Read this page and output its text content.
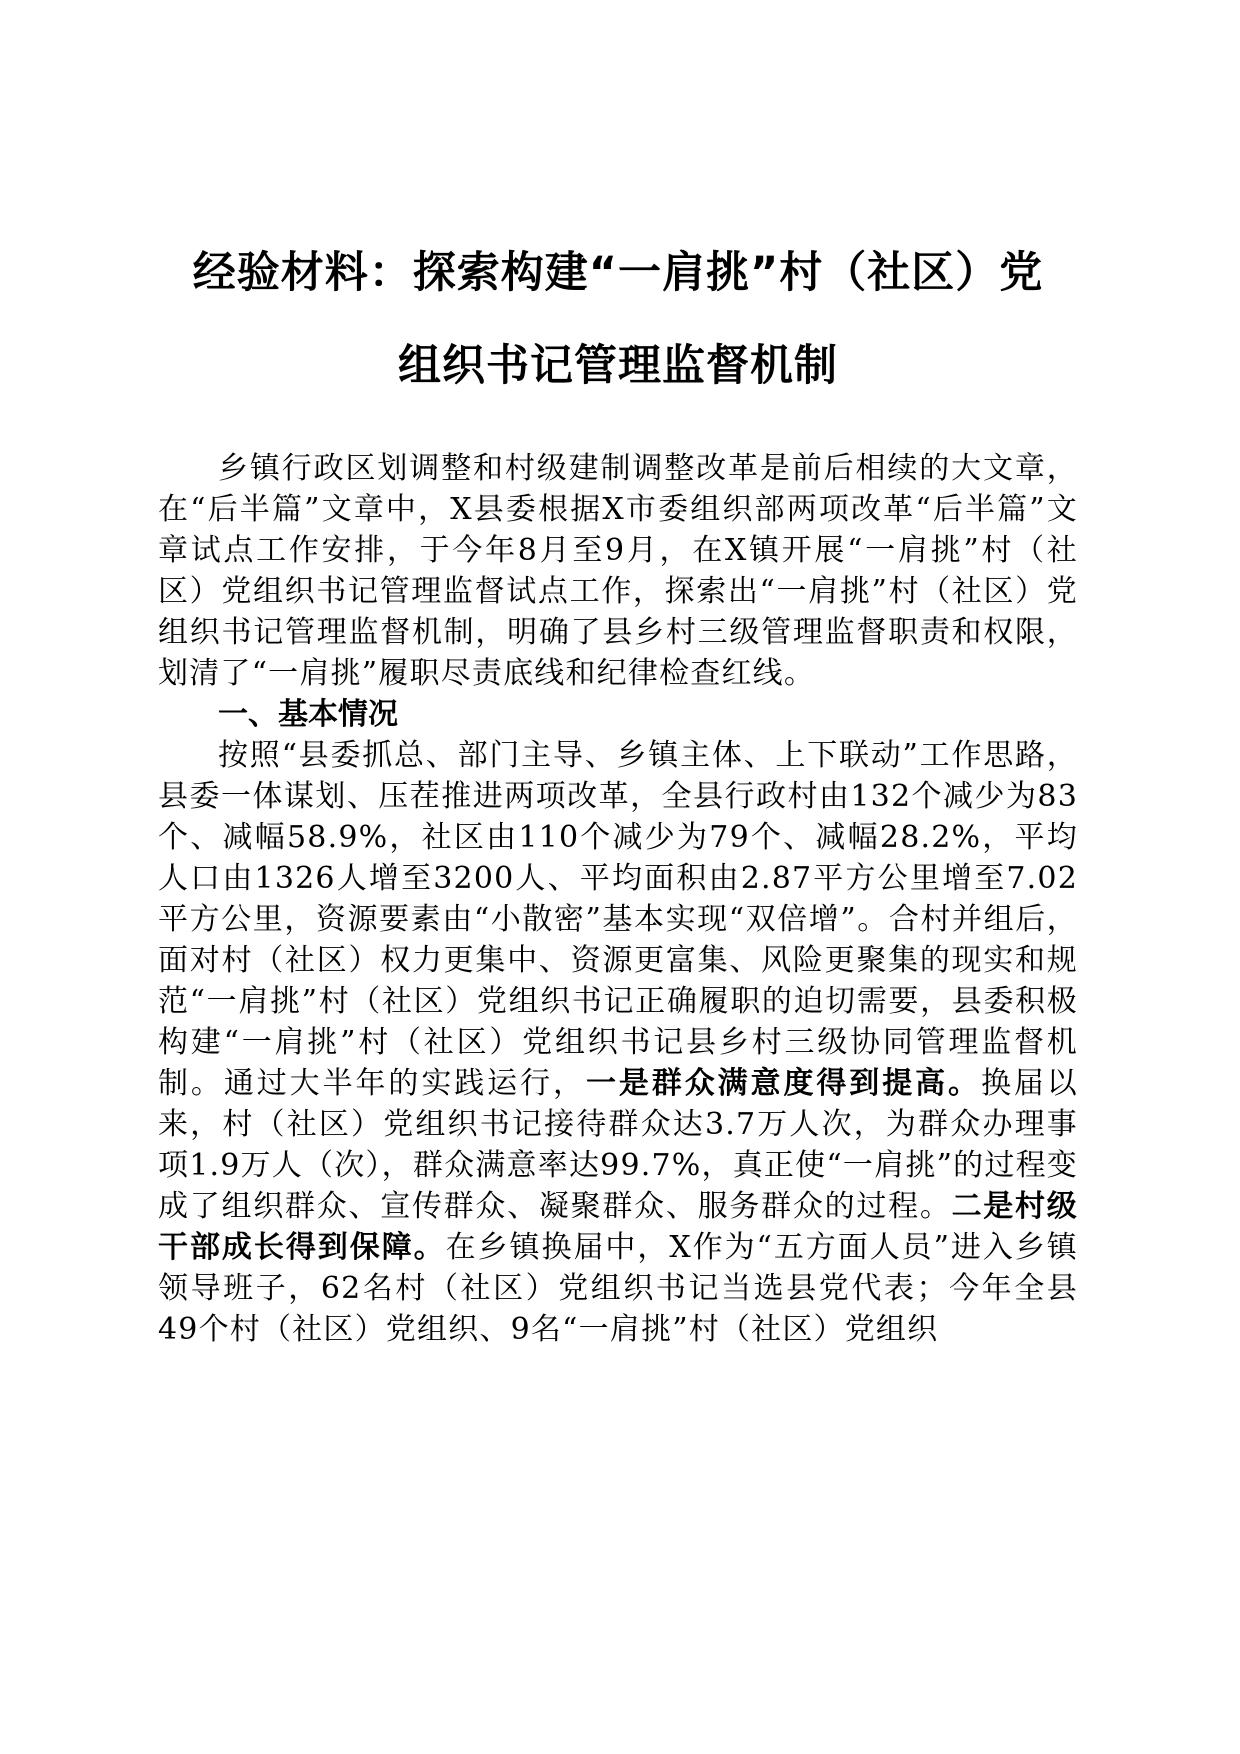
经验材料：探索构建“一肩挑”村（社区）党
组织书记管理监督机制

乡镇行政区划调整和村级建制调整改革是前后相续的大文章，在“后半篇”文章中，X县委根据X市委组织部两项改革“后半篇”文章试点工作安排，于今年8月至9月，在X镇开展“一肩挑”村（社区）党组织书记管理监督试点工作，探索出“一肩挑”村（社区）党组织书记管理监督机制，明确了县乡村三级管理监督职责和权限，划清了“一肩挑”履职尽责底线和纪律检查红线。

一、基本情况

按照“县委抓总、部门主导、乡镇主体、上下联动”工作思路，县委一体谋划、压茬推进两项改革，全县行政村由132个减少为83个、减幅58.9%，社区由110个减少为79个、减幅28.2%，平均人口由1326人增至3200人、平均面积由2.87平方公里增至7.02平方公里，资源要素由“小散密”基本实现“双倍增”。合村并组后，面对村（社区）权力更集中、资源更富集、风险更聚集的现实和规范“一肩挑”村（社区）党组织书记正确履职的迫切需要，县委积极构建“一肩挑”村（社区）党组织书记县乡村三级协同管理监督机制。通过大半年的实践运行，一是群众满意度得到提高。换届以来，村（社区）党组织书记接待群众达3.7万人次，为群众办理事项1.9万人（次），群众满意率达99.7%，真正使“一肩挑”的过程变成了组织群众、宣传群众、凝聚群众、服务群众的过程。二是村级干部成长得到保障。在乡镇换届中，X作为“五方面人员”进入乡镇领导班子，62名村（社区）党组织书记当选县党代表；今年全县49个村（社区）党组织、9名“一肩挑”村（社区）党组织
